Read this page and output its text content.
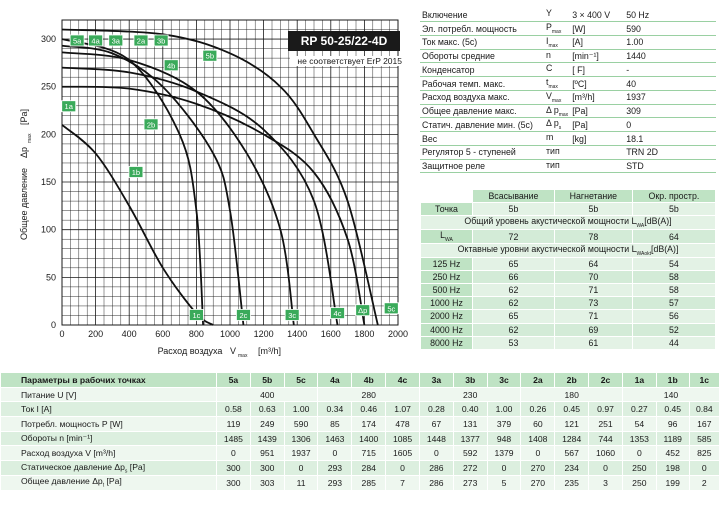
0	200 400 600 800 1000 1200 1400 1600 1800 2000
0
50
100
150
200
250
300
Расход воздуха V max [m³/h]
Общее давление
Δp
max
[Pa]
5a 4a 3a 2a 3b
5b
4b
2b
1b
1a
1c	2c	3c	4c Δp	5c
RP 50-25/22-4D
не соответствует ErP 2015
Включение	Y	3 × 400 V	50 Hz
Эл. потребл. мощность	$P_{max}$	[W]	590
Ток макс. (5с)	$I_{max}$	[A]	1.00
Обороты средние	n	[min⁻¹]	1440
Конденсатор	C	[ F]	-
Рабочая темп. макс.	$t_{max}$	[ºC]	40
Расход воздуха макс.	$V_{max}$	[m³/h]	1937
Общее давление макс.	Δ $p_{max}$	[Pa]	309
Статич. давление мин. (5с)	Δ $p_s$	[Pa]	0
Вес	m	[kg]	18.1
Регулятор 5 - ступеней	тип		TRN 2D
Защитное реле	тип		STD
	Всасывание	Нагнетание	Окр. простр.
Точка	5b	5b	5b
Общий уровень акустической мощности $L_{WA}[dB(A)]$			
$L_{WA}$	72	78	64
Октавные уровни акустической мощности $L_{WAokt}[dB(A)]$			
125 Hz	65	64	54
250 Hz	66	70	58
500 Hz	62	71	58
1000 Hz	62	73	57
2000 Hz	65	71	56
4000 Hz	62	69	52
8000 Hz	53	61	44
Параметры в рабочих точках	5a	5b	5c	4a	4b	4c	3a	3b	3c	2a	2b	2c	1a	1b	1c
Питание U [V]	400			280			230			180			140		
Ток I [A]	0.58	0.63	1.00	0.34	0.46	1.07	0.28	0.40	1.00	0.26	0.45	0.97	0.27	0.45	0.84
Потребл. мощность P [W]	119	249	590	85	174	478	67	131	379	60	121	251	54	96	167
Обороты n [min⁻¹]	1485	1439	1306	1463	1400	1085	1448	1377	948	1408	1284	744	1353	1189	585
Расход воздуха V [m³/h]	0	951	1937	0	715	1605	0	592	1379	0	567	1060	0	452	825
Статическое давление $\Delta p_s$ [Pa]	300	300	0	293	284	0	286	272	0	270	234	0	250	198	0
Общее давление $\Delta p_t$ [Pa]	300	303	11	293	285	7	286	273	5	270	235	3	250	199	2
